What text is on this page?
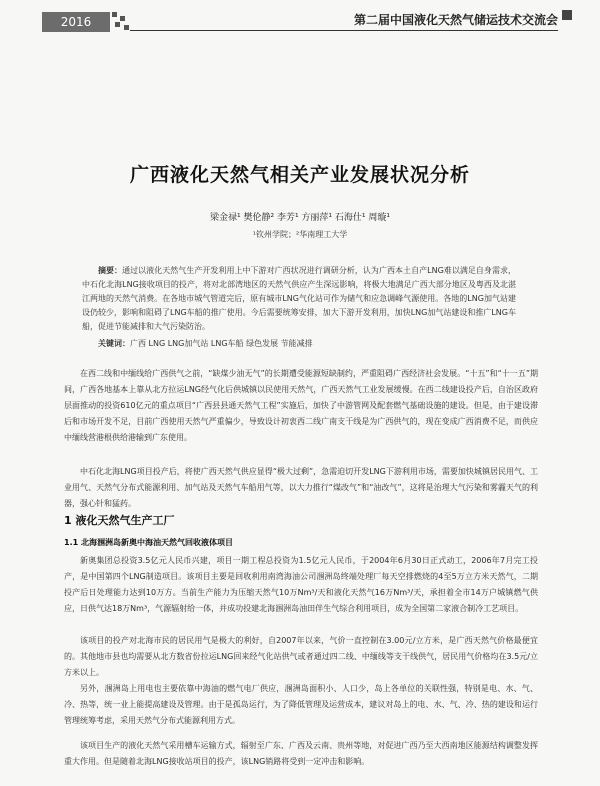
2016	第二届中国液化天然气储运技术交流会
广西液化天然气相关产业发展状况分析
梁金禄¹ 樊伦静² 李芳¹ 方丽萍¹ 石海仕¹ 周璇¹
¹钦州学院；²华南理工大学
摘要：通过以液化天然气生产开发利用上中下游对广西状况进行调研分析，认为广西本土自产LNG难以满足自身需求，中石化北海LNG接收项目的投产，将对北部湾地区的天然气供应产生深远影响，将极大地满足广西大部分地区及粤西及北湛江两地的天然气消费。在各地市城气管道完后，原有城市LNG气化站可作为储气和应急调峰气源使用。各地的LNG加气站建设仍较少，影响和阻碍了LNG车船的推广使用。今后需要统筹安排，加大下游开发利用，加快LNG加气站建设和推广LNG车船，促进节能减排和大气污染防治。
关键词：广西 LNG LNG加气站 LNG车船 绿色发展 节能减排
在西二线和中缅线给广西供气之前，“缺煤少油无气”的长期遭受能源短缺制约，严重阻碍广西经济社会发展。“十五”和“十一五”期间，广西各地基本上靠从北方拉运LNG经气化后供城镇以民使用天然气，广西天然气工业发展缓慢。在西二线建设投产后，自治区政府层面推动的投资610亿元的重点项目“广西县县通天然气工程”实施后，加快了中游管网及配套燃气基础设施的建设。但是，由于建设滞后和市场开发不足，目前广西使用天然气严重偏少，导致设计初衷西二线广南支干线是为广西供气的，现在变成广西消费不足，而供应中缅线营港根供给港输到广东使用。
中石化北海LNG项目投产后，将使广西天然气供应显得“极大过剩”，急需迫切开发LNG下游利用市场，需要加快城镇居民用气、工业用气、天然气分布式能源利用、加气站及天然气车船用气等，以大力推行“煤改气”和“油改气”，这将是治理大气污染和雾霾天气的利器，强心针和猛药。
1 液化天然气生产工厂
1.1 北海涠洲岛新奥中海油天然气回收液体项目
新奥集团总投资3.5亿元人民币兴建，项目一期工程总投资为1.5亿元人民币，于2004年6月30日正式动工，2006年7月完工投产，是中国第四个LNG制造项目。该项目主要是回收利用南湾海油公司涠洲岛终端处理厂每天空排燃烧的4至5万立方米天然气，二期投产后日处理能力达到10万方。当前生产能力为压缩天然气10万Nm³/天和液化天然气16万Nm³/天，承担着全市14万户城镇燃气供应，日供气达18万Nm³，气源辐射给一体，并成功投建北海涠洲岛油田伴生气综合利用项目，成为全国第二家液合制冷工艺项目。
该项目的投产对北海市民的居民用气是极大的利好，自2007年以来，气价一直控制在3.00元/立方米，是广西天然气价格最便宜的。其他地市县也均需要从北方数省份拉运LNG回来经气化站供气或者通过四二线、中缅线等支干线供气，居民用气价格均在3.5元/立方米以上。
另外，涠洲岛上用电也主要依靠中海油的燃气电厂供应，涠洲岛面积小、人口少，岛上各单位的关联性强，特别是电、水、气、冷、热等，统一业上能提高建设及管理。由于是孤岛运行，为了降低管理及运营成本，建议对岛上的电、水、气、冷、热的建设和运行管理统筹考虑，采用天然气分布式能源利用方式。
该项目生产的液化天然气采用槽车运输方式，辐射至广东、广西及云南、贵州等地，对促进广西乃至大西南地区能源结构调整发挥重大作用。但是随着北海LNG接收站项目的投产，该LNG销路将受到一定冲击和影响。
